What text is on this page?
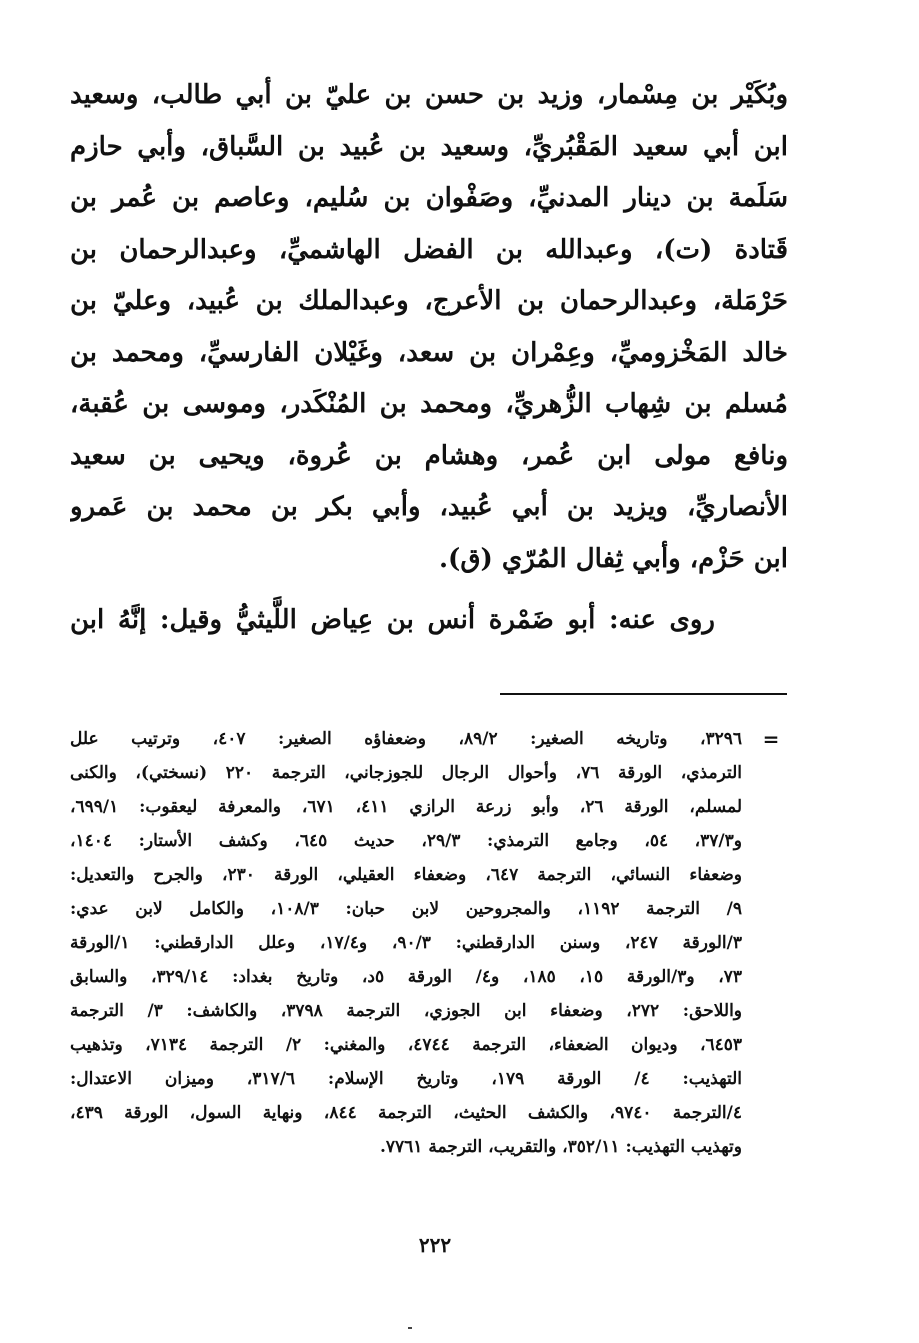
وبُكَيْر بن مِسْمار، وزيد بن حسن بن عليّ بن أبي طالب، وسعيد
ابن أبي سعيد المَقْبُريِّ، وسعيد بن عُبيد بن السَّباق، وأبي حازم
سَلَمة بن دينار المدنيِّ، وصَفْوان بن سُليم، وعاصم بن عُمر بن
قَتادة (ت)، وعبدالله بن الفضل الهاشميِّ، وعبدالرحمان بن
حَرْمَلة، وعبدالرحمان بن الأعرج، وعبدالملك بن عُبيد، وعليّ بن
خالد المَخْزوميِّ، وعِمْران بن سعد، وغَيْلان الفارسيِّ، ومحمد بن
مُسلم بن شِهاب الزُّهريِّ، ومحمد بن المُنْكَدر، وموسى بن عُقبة،
ونافع مولى ابن عُمر، وهشام بن عُروة، ويحيى بن سعيد
الأنصاريِّ، ويزيد بن أبي عُبيد، وأبي بكر بن محمد بن عَمرو
ابن حَزْم، وأبي ثِفال المُرّي (ق).
روى عنه: أبو ضَمْرة أنس بن عِياض اللَّيثيُّ وقيل: إنَّهُ ابن
=
٣٢٩٦، وتاريخه الصغير: ٨٩/٢، وضعفاؤه الصغير: ٤٠٧، وترتيب علل
الترمذي، الورقة ٧٦، وأحوال الرجال للجوزجاني، الترجمة ٢٢٠ (نسختي)، والكنى
لمسلم، الورقة ٢٦، وأبو زرعة الرازي ٤١١، ٦٧١، والمعرفة ليعقوب: ٦٩٩/١،
و٣٧/٣، ٥٤، وجامع الترمذي: ٢٩/٣، حديث ٦٤٥، وكشف الأستار: ١٤٠٤،
وضعفاء النسائي، الترجمة ٦٤٧، وضعفاء العقيلي، الورقة ٢٣٠، والجرح والتعديل:
٩/ الترجمة ١١٩٢، والمجروحين لابن حبان: ١٠٨/٣، والكامل لابن عدي:
٣/الورقة ٢٤٧، وسنن الدارقطني: ٩٠/٣، و١٧/٤، وعلل الدارقطني: ١/الورقة
٧٣، و٣/الورقة ١٥، ١٨٥، و٤/ الورقة ٥د، وتاريخ بغداد: ٣٢٩/١٤، والسابق
واللاحق: ٢٧٢، وضعفاء ابن الجوزي، الترجمة ٣٧٩٨، والكاشف: ٣/ الترجمة
٦٤٥٣، وديوان الضعفاء، الترجمة ٤٧٤٤، والمغني: ٢/ الترجمة ٧١٣٤، وتذهيب
التهذيب: ٤/ الورقة ١٧٩، وتاريخ الإسلام: ٣١٧/٦، وميزان الاعتدال:
٤/الترجمة ٩٧٤٠، والكشف الحثيث، الترجمة ٨٤٤، ونهاية السول، الورقة ٤٣٩،
وتهذيب التهذيب: ٣٥٢/١١، والتقريب، الترجمة ٧٧٦١.
٢٢٢
